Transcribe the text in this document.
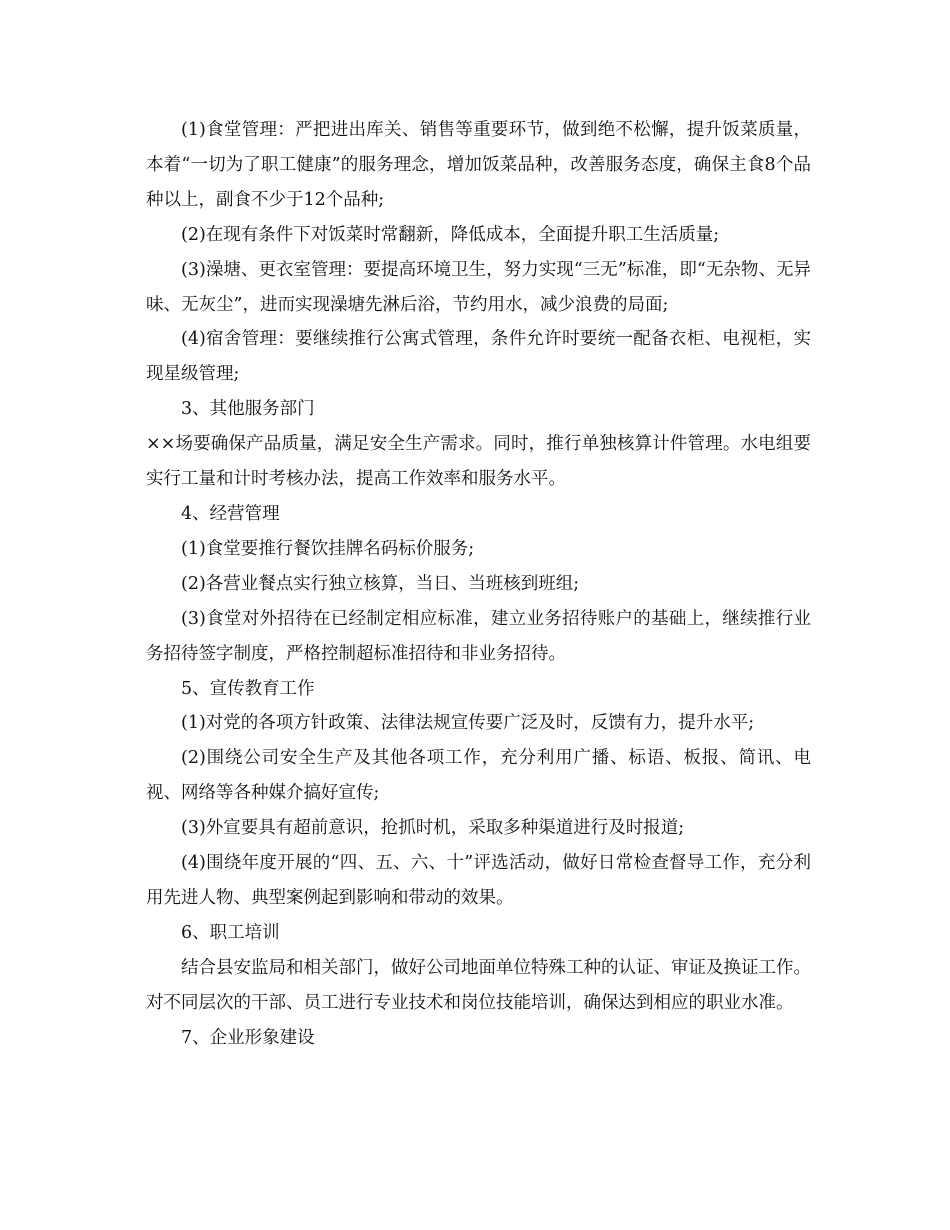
(1)食堂管理：严把进出库关、销售等重要环节，做到绝不松懈，提升饭菜质量，本着“一切为了职工健康”的服务理念，增加饭菜品种，改善服务态度，确保主食8个品种以上，副食不少于12个品种;

(2)在现有条件下对饭菜时常翻新，降低成本，全面提升职工生活质量;

(3)澡塘、更衣室管理：要提高环境卫生，努力实现“三无”标准，即“无杂物、无异味、无灰尘”，进而实现澡塘先淋后浴，节约用水，减少浪费的局面;

(4)宿舍管理：要继续推行公寓式管理，条件允许时要统一配备衣柜、电视柜，实现星级管理;

3、其他服务部门

××场要确保产品质量，满足安全生产需求。同时，推行单独核算计件管理。水电组要实行工量和计时考核办法，提高工作效率和服务水平。

4、经营管理

(1)食堂要推行餐饮挂牌名码标价服务;

(2)各营业餐点实行独立核算，当日、当班核到班组;

(3)食堂对外招待在已经制定相应标准，建立业务招待账户的基础上，继续推行业务招待签字制度，严格控制超标准招待和非业务招待。

5、宣传教育工作

(1)对党的各项方针政策、法律法规宣传要广泛及时，反馈有力，提升水平;

(2)围绕公司安全生产及其他各项工作，充分利用广播、标语、板报、简讯、电视、网络等各种媒介搞好宣传;

(3)外宣要具有超前意识，抢抓时机，采取多种渠道进行及时报道;

(4)围绕年度开展的“四、五、六、十”评选活动，做好日常检查督导工作，充分利用先进人物、典型案例起到影响和带动的效果。

6、职工培训

结合县安监局和相关部门，做好公司地面单位特殊工种的认证、审证及换证工作。对不同层次的干部、员工进行专业技术和岗位技能培训，确保达到相应的职业水准。

7、企业形象建设
